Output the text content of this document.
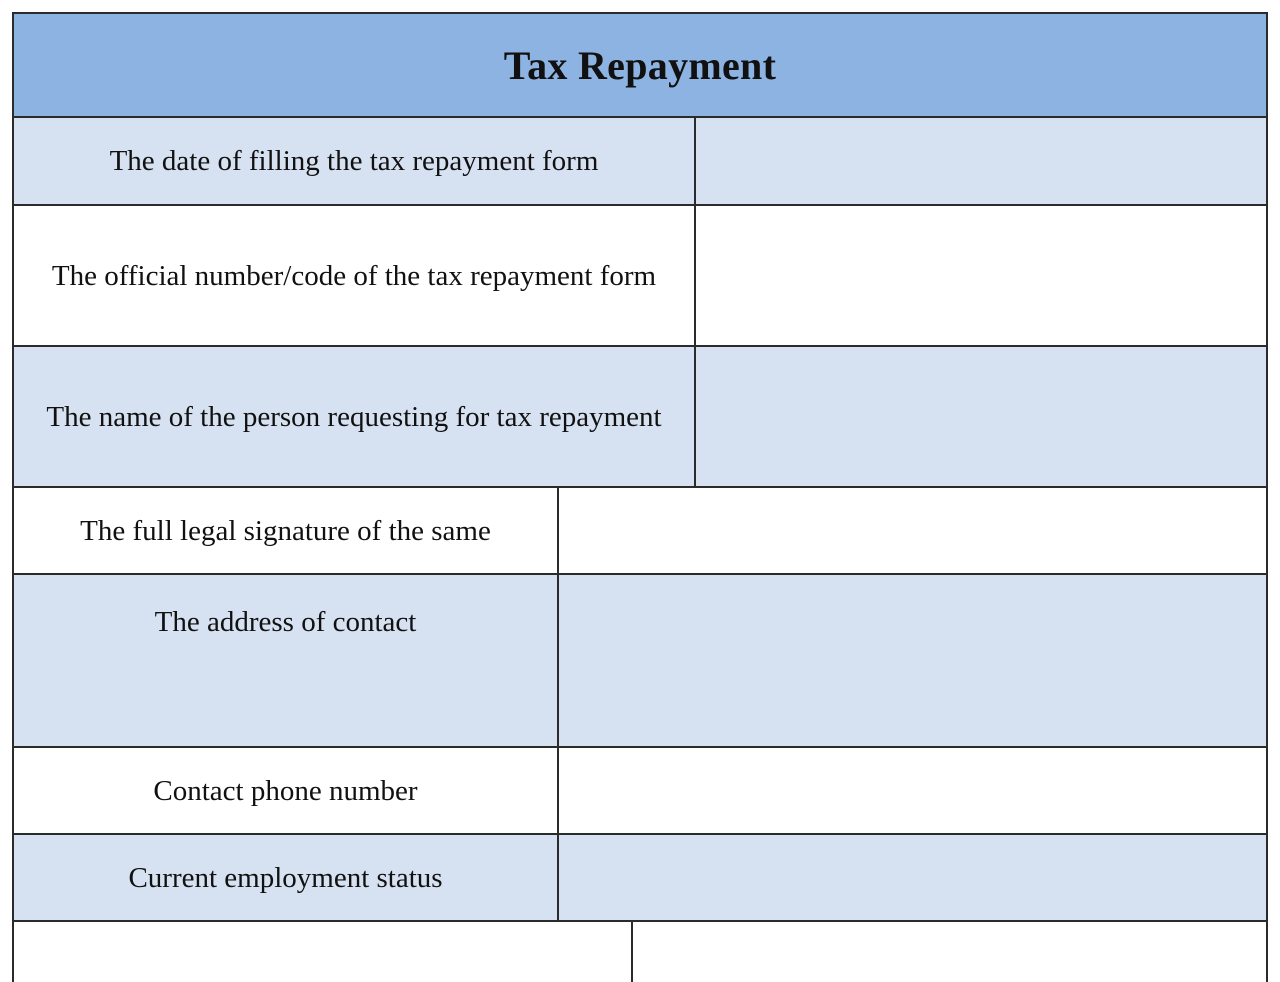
Tax Repayment
The date of filling the tax repayment form
The official number/code of the tax repayment form
The name of the person requesting for tax repayment
The full legal signature of the same
The address of contact
Contact phone number
Current employment status
